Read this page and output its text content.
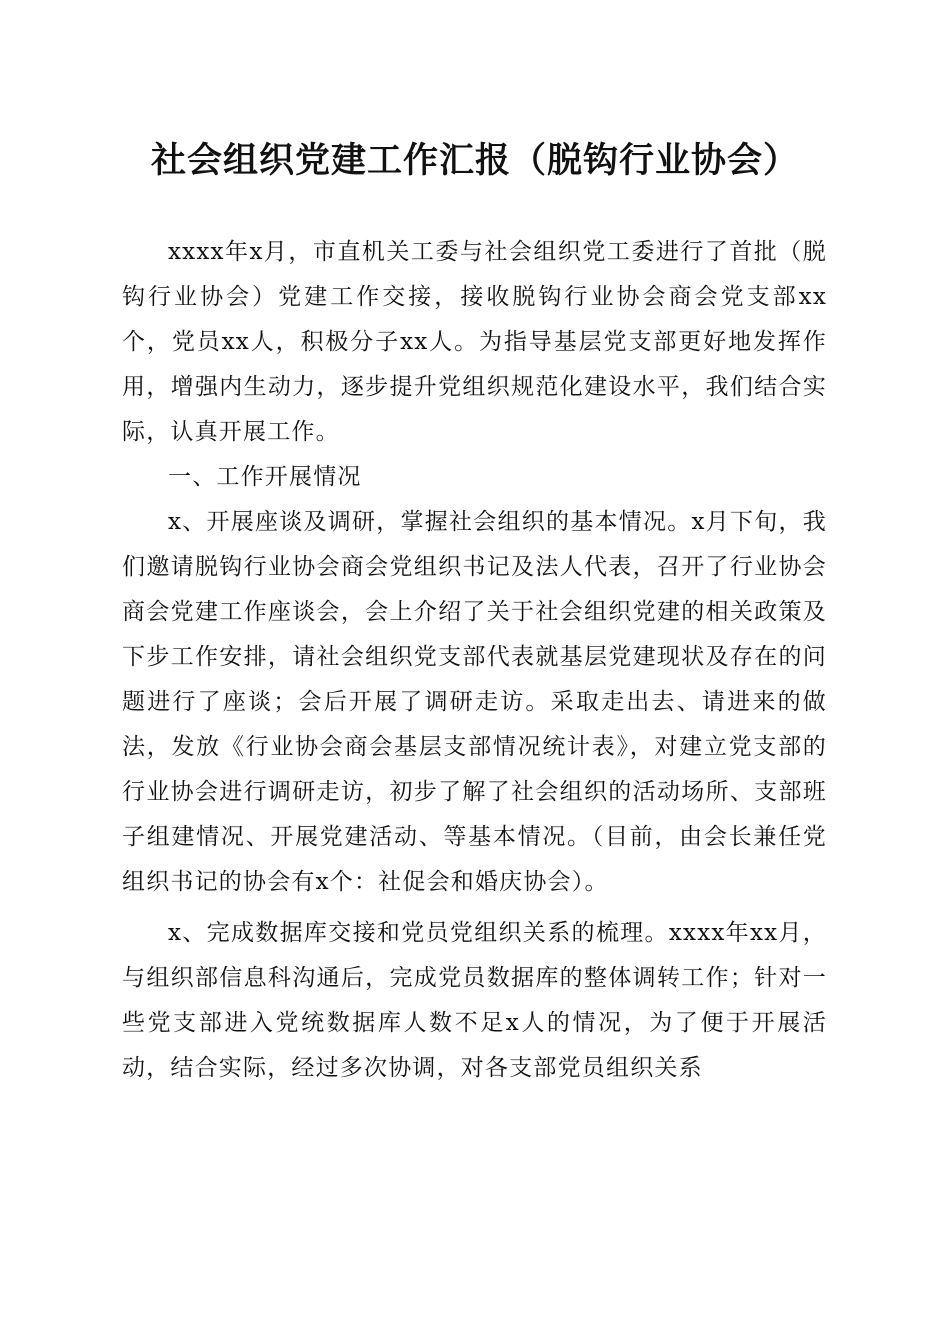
社会组织党建工作汇报（脱钩行业协会）

xxxx年x月，市直机关工委与社会组织党工委进行了首批（脱钩行业协会）党建工作交接，接收脱钩行业协会商会党支部xx个，党员xx人，积极分子xx人。为指导基层党支部更好地发挥作用，增强内生动力，逐步提升党组织规范化建设水平，我们结合实际，认真开展工作。

一、工作开展情况

x、开展座谈及调研，掌握社会组织的基本情况。x月下旬，我们邀请脱钩行业协会商会党组织书记及法人代表，召开了行业协会商会党建工作座谈会，会上介绍了关于社会组织党建的相关政策及下步工作安排，请社会组织党支部代表就基层党建现状及存在的问题进行了座谈；会后开展了调研走访。采取走出去、请进来的做法，发放《行业协会商会基层支部情况统计表》，对建立党支部的行业协会进行调研走访，初步了解了社会组织的活动场所、支部班子组建情况、开展党建活动、等基本情况。（目前，由会长兼任党组织书记的协会有x个：社促会和婚庆协会）。

x、完成数据库交接和党员党组织关系的梳理。xxxx年xx月，与组织部信息科沟通后，完成党员数据库的整体调转工作；针对一些党支部进入党统数据库人数不足x人的情况，为了便于开展活动，结合实际，经过多次协调，对各支部党员组织关系
